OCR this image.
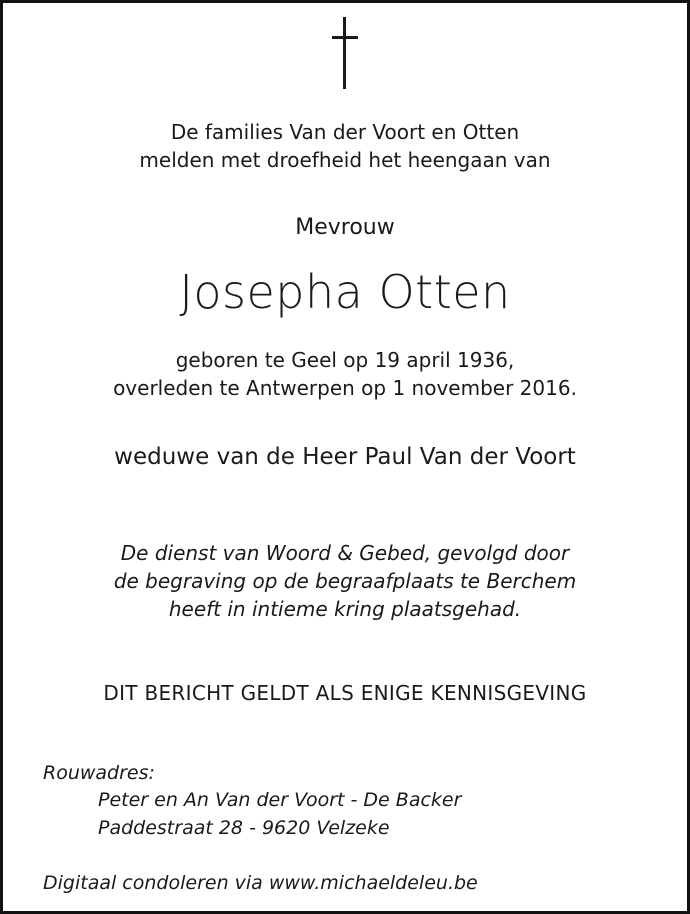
De families Van der Voort en Otten
melden met droefheid het heengaan van
Mevrouw
Josepha Otten
geboren te Geel op 19 april 1936,
overleden te Antwerpen op 1 november 2016.
weduwe van de Heer Paul Van der Voort
De dienst van Woord & Gebed, gevolgd door
de begraving op de begraafplaats te Berchem
heeft in intieme kring plaatsgehad.
DIT BERICHT GELDT ALS ENIGE KENNISGEVING
Rouwadres:
Peter en An Van der Voort - De Backer
Paddestraat 28 - 9620 Velzeke
Digitaal condoleren via www.michaeldeleu.be
